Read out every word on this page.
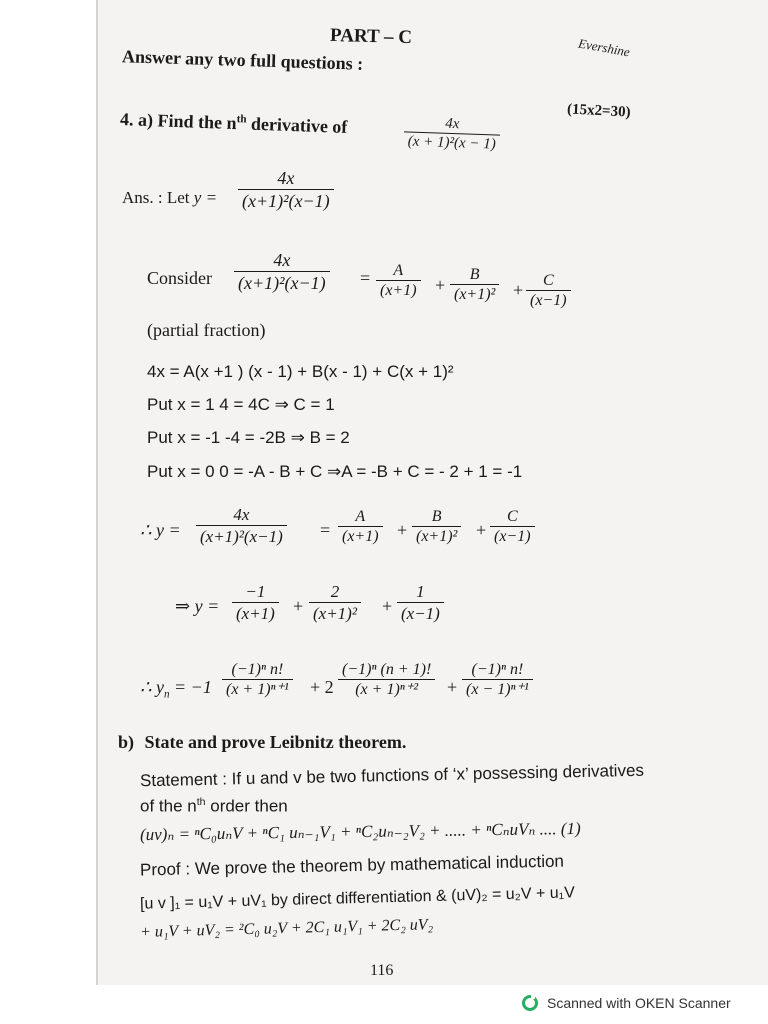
PART – C	Evershine
Answer any two full questions :
(15x2=30)
4. a) Find the $n^{th}$ derivative of	$\frac{4x}{\text{(x + 1)²(x − 1)}}$
Ans. : Let $y = \frac{4x}{\text{(x+1)²(x−1)}}$
Consider $\frac{4x}{\text{(x+1)²(x−1)}} = \frac{A}{(x+1)} + \frac{B}{\text{(x+1)²}} + \frac{C}{(x-1)}$
(partial fraction)
4x = A(x +1 ) (x - 1) + B(x - 1) + C(x + 1)²
Put x = 1 4 = 4C ⇒ C = 1
Put x = -1 -4 = -2B ⇒ B = 2
Put x = 0 0 = -A - B + C ⇒A = -B + C = - 2 + 1 = -1
∴ $y = \frac{4x}{\text{(x+1)²(x−1)}} = \frac{A}{(x+1)} + \frac{B}{\text{(x+1)²}} + \frac{C}{(x-1)}$
⇒ $y = \frac{-1}{(x+1)} + \frac{2}{\text{(x+1)²}} + \frac{1}{(x-1)}$
∴ $y_n = -1 \frac{\text{(−1)ⁿ n!}}{\text{(x + 1)ⁿ⁺¹}} + 2 \frac{\text{(−1)ⁿ (n + 1)!}}{\text{(x + 1)ⁿ⁺²}} + \frac{\text{(−1)ⁿ n!}}{\text{(x − 1)ⁿ⁺¹}}$
b) State and prove Leibnitz theorem.
Statement : If u and v be two functions of ‘x’ possessing derivatives
of the $n^{th}$ order then
(uv)ₙ = ⁿC₀uₙV + ⁿC₁ uₙ₋₁V₁ + ⁿC₂uₙ₋₂V₂ + ..... + ⁿCₙuVₙ .... (1)
Proof : We prove the theorem by mathematical induction
[u v ]₁ = u₁V + uV₁ by direct differentiation & (uV)₂ = u₂V + u₁V
+ u₁V + uV₂ = ²C₀ u₂V + 2C₁ u₁V₁ + 2C₂ uV₂
116
Scanned with OKEN Scanner
